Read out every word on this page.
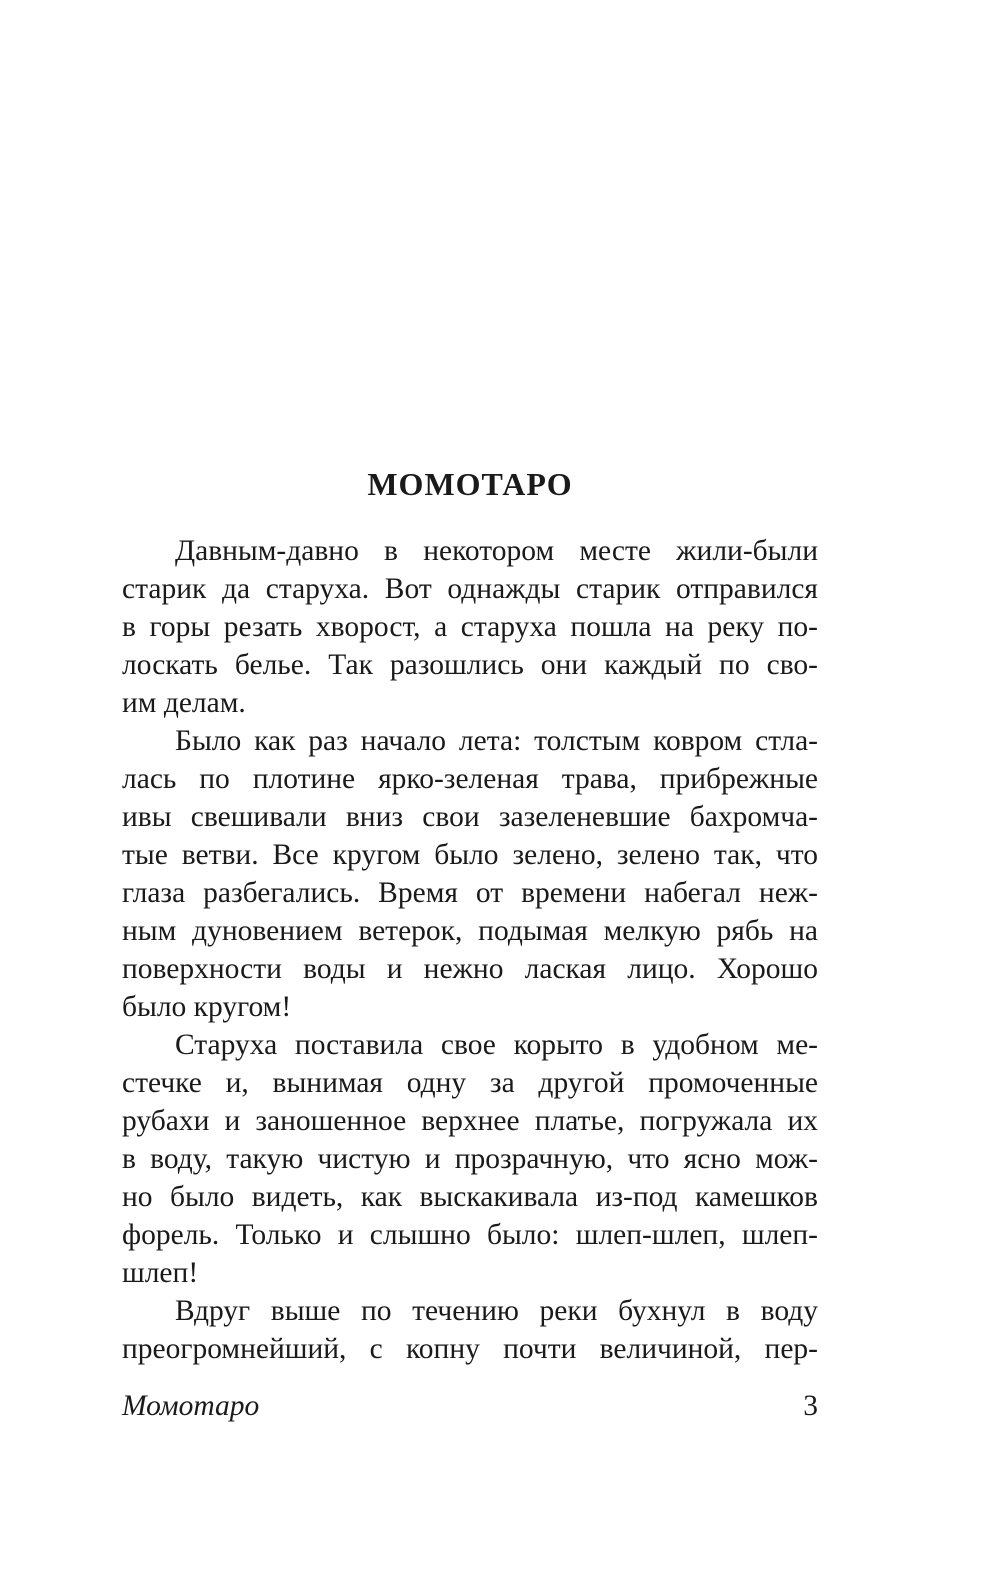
МОМОТАРО

Давным-давно в некотором месте жили-были

старик да старуха. Вот однажды старик отправился

в горы резать хворост, а старуха пошла на реку по-

лоскать белье. Так разошлись они каждый по сво-

им делам.

Было как раз начало лета: толстым ковром стла-

лась по плотине ярко-зеленая трава, прибрежные

ивы свешивали вниз свои зазеленевшие бахромча-

тые ветви. Все кругом было зелено, зелено так, что

глаза разбегались. Время от времени набегал неж-

ным дуновением ветерок, подымая мелкую рябь на

поверхности воды и нежно лаская лицо. Хорошо

было кругом!

Старуха поставила свое корыто в удобном ме-

стечке и, вынимая одну за другой промоченные

рубахи и заношенное верхнее платье, погружала их

в воду, такую чистую и прозрачную, что ясно мож-

но было видеть, как выскакивала из-под камешков

форель. Только и слышно было: шлеп-шлеп, шлеп-

шлеп!

Вдруг выше по течению реки бухнул в воду

преогромнейший, с копну почти величиной, пер-

Момотаро	3
